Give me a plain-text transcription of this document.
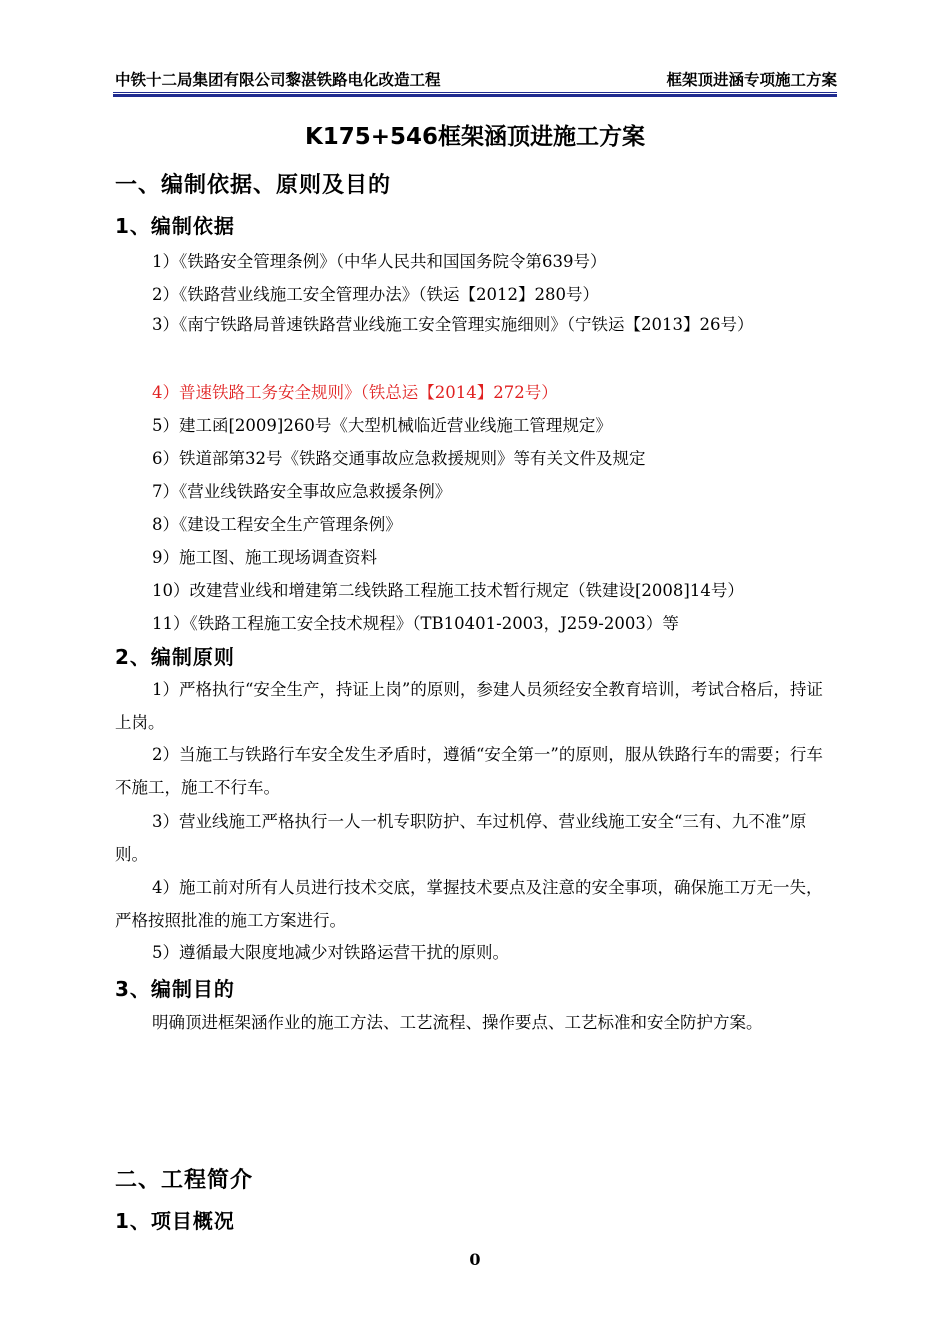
中铁十二局集团有限公司黎湛铁路电化改造工程	框架顶进涵专项施工方案
K175+546框架涵顶进施工方案
一、编制依据、原则及目的
1、编制依据
1）《铁路安全管理条例》（中华人民共和国国务院令第639号）
2）《铁路营业线施工安全管理办法》（铁运【2012】280号）
3）《南宁铁路局普速铁路营业线施工安全管理实施细则》（宁铁运【2013】26号）
4）普速铁路工务安全规则》（铁总运【2014】272号）
5）建工函[2009]260号《大型机械临近营业线施工管理规定》
6）铁道部第32号《铁路交通事故应急救援规则》等有关文件及规定
7）《营业线铁路安全事故应急救援条例》
8）《建设工程安全生产管理条例》
9）施工图、施工现场调查资料
10）改建营业线和增建第二线铁路工程施工技术暂行规定（铁建设[2008]14号）
11）《铁路工程施工安全技术规程》（TB10401-2003，J259-2003）等
2、编制原则
1）严格执行“安全生产，持证上岗”的原则，参建人员须经安全教育培训，考试合格后，持证上岗。
2）当施工与铁路行车安全发生矛盾时，遵循“安全第一”的原则，服从铁路行车的需要；行车不施工，施工不行车。
3）营业线施工严格执行一人一机专职防护、车过机停、营业线施工安全“三有、九不准”原则。
4）施工前对所有人员进行技术交底，掌握技术要点及注意的安全事项，确保施工万无一失，严格按照批准的施工方案进行。
5）遵循最大限度地减少对铁路运营干扰的原则。
3、编制目的
明确顶进框架涵作业的施工方法、工艺流程、操作要点、工艺标准和安全防护方案。
二、工程简介
1、项目概况
0
